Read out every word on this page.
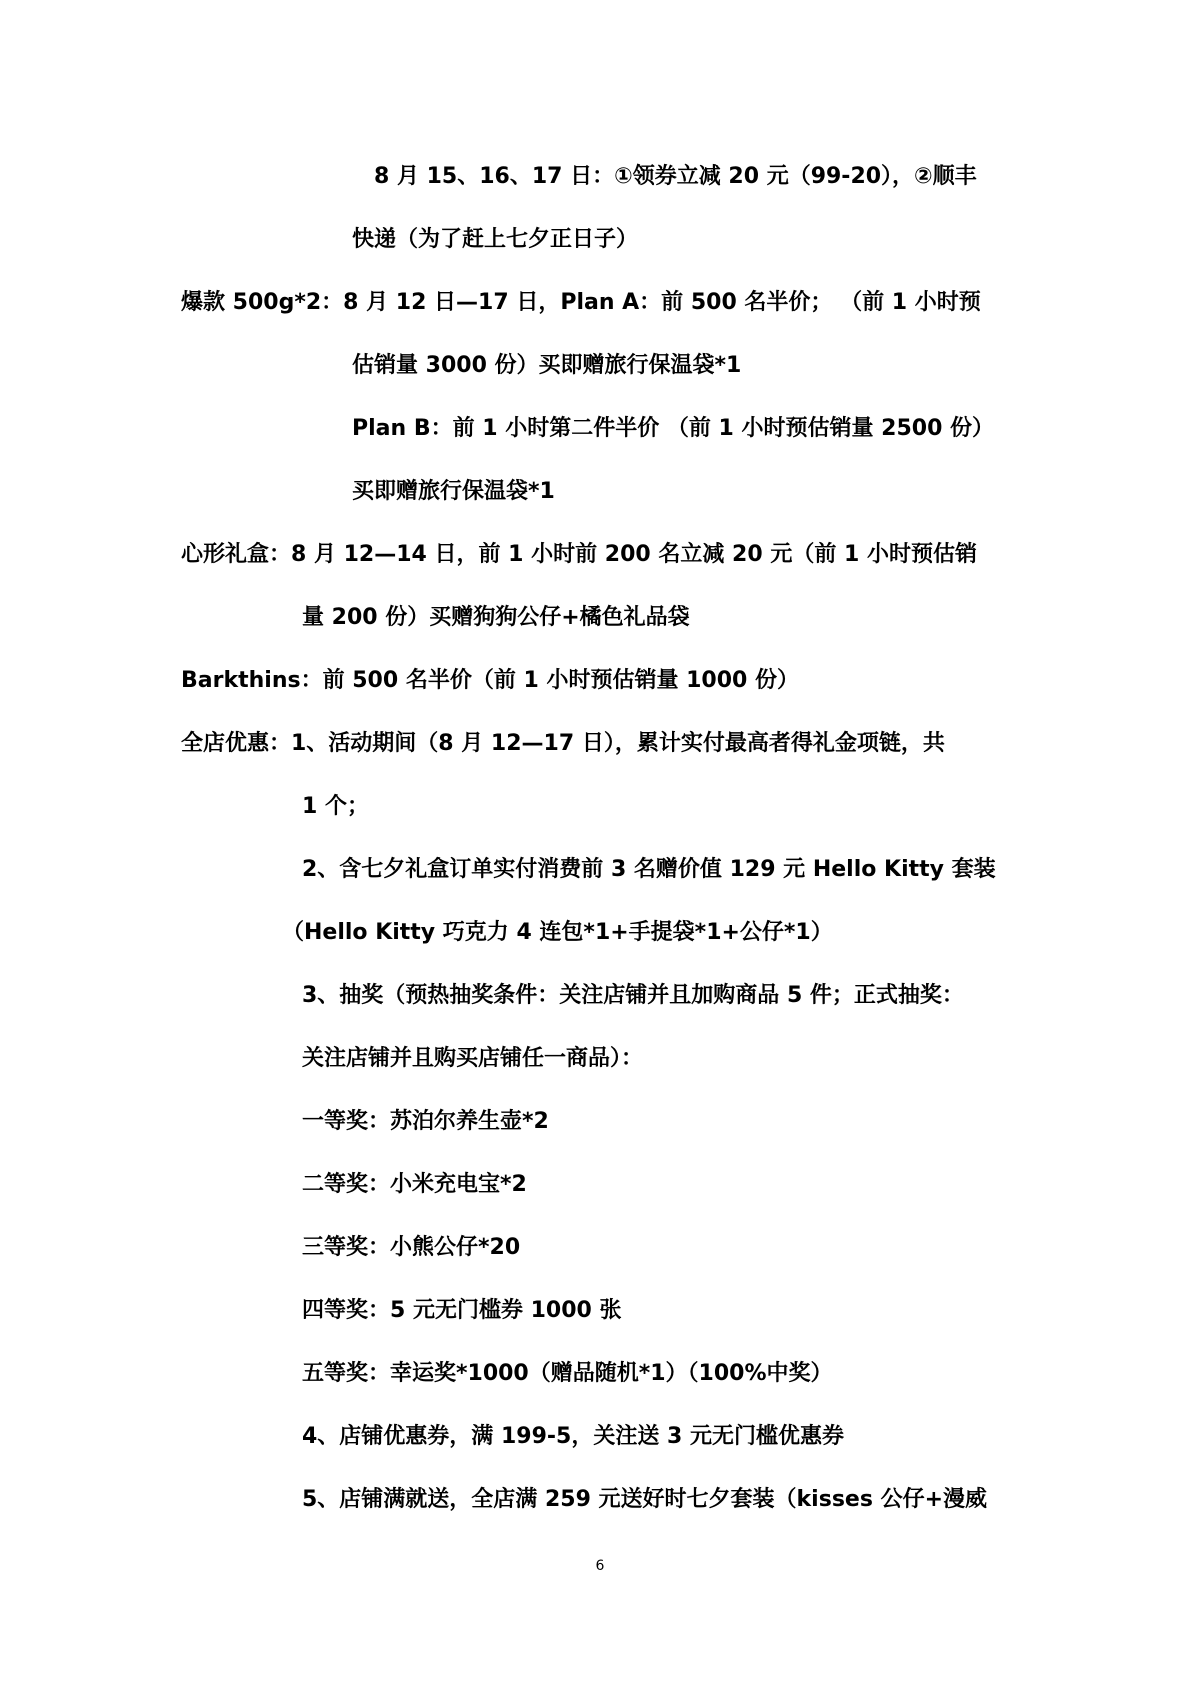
8 月 15、16、17 日：①领券立减 20 元（99-20），②顺丰
快递（为了赶上七夕正日子）
爆款 500g*2：8 月 12 日—17 日，Plan A：前 500 名半价； （前 1 小时预
估销量 3000 份）买即赠旅行保温袋*1
Plan B：前 1 小时第二件半价 （前 1 小时预估销量 2500 份）
买即赠旅行保温袋*1
心形礼盒：8 月 12—14 日，前 1 小时前 200 名立减 20 元（前 1 小时预估销
量 200 份）买赠狗狗公仔+橘色礼品袋
Barkthins：前 500 名半价（前 1 小时预估销量 1000 份）
全店优惠：1、活动期间（8 月 12—17 日），累计实付最高者得礼金项链，共
1 个；
2、含七夕礼盒订单实付消费前 3 名赠价值 129 元 Hello Kitty 套装
（Hello Kitty 巧克力 4 连包*1+手提袋*1+公仔*1）
3、抽奖（预热抽奖条件：关注店铺并且加购商品 5 件；正式抽奖：
关注店铺并且购买店铺任一商品）：
一等奖：苏泊尔养生壶*2
二等奖：小米充电宝*2
三等奖：小熊公仔*20
四等奖：5 元无门槛券 1000 张
五等奖：幸运奖*1000（赠品随机*1）（100%中奖）
4、店铺优惠券，满 199-5，关注送 3 元无门槛优惠券
5、店铺满就送，全店满 259 元送好时七夕套装（kisses 公仔+漫威
6
